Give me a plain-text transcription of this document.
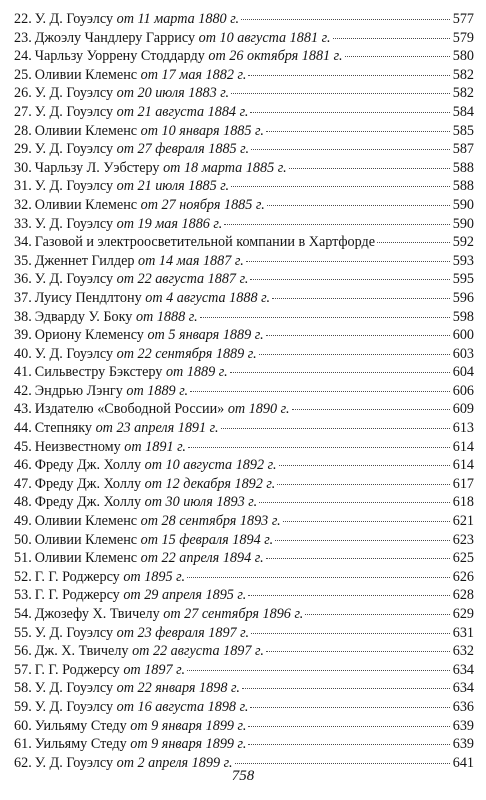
22. У. Д. Гоуэлсу от 11 марта 1880 г.	577
23. Джоэлу Чандлеру Гаррису от 10 августа 1881 г.	579
24. Чарльзу Уоррену Стоддарду от 26 октября 1881 г.	580
25. Оливии Клеменс от 17 мая 1882 г.	582
26. У. Д. Гоуэлсу от 20 июля 1883 г.	582
27. У. Д. Гоуэлсу от 21 августа 1884 г.	584
28. Оливии Клеменс от 10 января 1885 г.	585
29. У. Д. Гоуэлсу от 27 февраля 1885 г.	587
30. Чарльзу Л. Уэбстеру от 18 марта 1885 г.	588
31. У. Д. Гоуэлсу от 21 июля 1885 г.	588
32. Оливии Клеменс от 27 ноября 1885 г.	590
33. У. Д. Гоуэлсу от 19 мая 1886 г.	590
34. Газовой и электроосветительной компании в Хартфорде	592
35. Дженнет Гилдер от 14 мая 1887 г.	593
36. У. Д. Гоуэлсу от 22 августа 1887 г.	595
37. Луису Пендлтону от 4 августа 1888 г.	596
38. Эдварду У. Боку от 1888 г.	598
39. Ориону Клеменсу от 5 января 1889 г.	600
40. У. Д. Гоуэлсу от 22 сентября 1889 г.	603
41. Сильвестру Бэкстеру от 1889 г.	604
42. Эндрью Лэнгу от 1889 г.	606
43. Издателю «Свободной России» от 1890 г.	609
44. Степняку от 23 апреля 1891 г.	613
45. Неизвестному от 1891 г.	614
46. Фреду Дж. Холлу от 10 августа 1892 г.	614
47. Фреду Дж. Холлу от 12 декабря 1892 г.	617
48. Фреду Дж. Холлу от 30 июля 1893 г.	618
49. Оливии Клеменс от 28 сентября 1893 г.	621
50. Оливии Клеменс от 15 февраля 1894 г.	623
51. Оливии Клеменс от 22 апреля 1894 г.	625
52. Г. Г. Роджерсу от 1895 г.	626
53. Г. Г. Роджерсу от 29 апреля 1895 г.	628
54. Джозефу Х. Твичелу от 27 сентября 1896 г.	629
55. У. Д. Гоуэлсу от 23 февраля 1897 г.	631
56. Дж. Х. Твичелу от 22 августа 1897 г.	632
57. Г. Г. Роджерсу от 1897 г.	634
58. У. Д. Гоуэлсу от 22 января 1898 г.	634
59. У. Д. Гоуэлсу от 16 августа 1898 г.	636
60. Уильяму Стеду от 9 января 1899 г.	639
61. Уильяму Стеду от 9 января 1899 г.	639
62. У. Д. Гоуэлсу от 2 апреля 1899 г.	641
758
